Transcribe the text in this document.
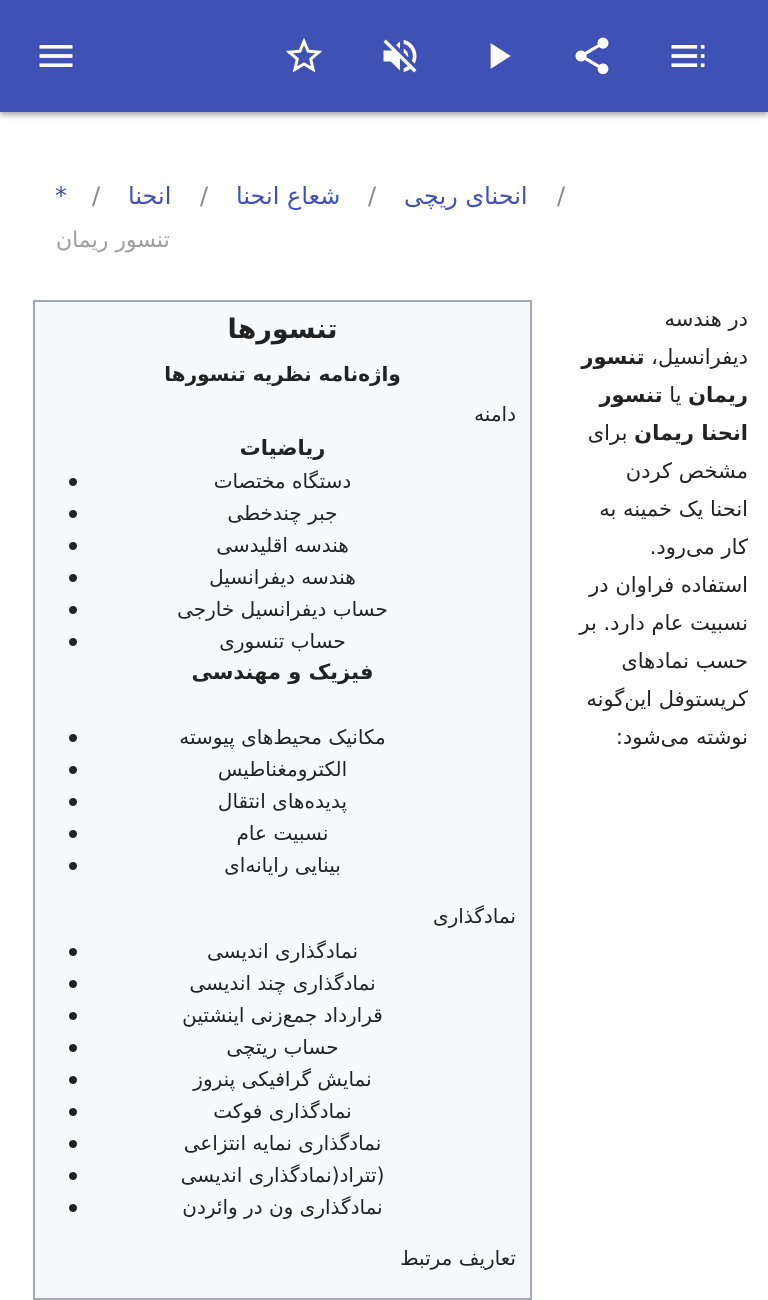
* / انحنا / شعاع انحنا / انحنای ریچی /
تنسور ریمان
تنسورها
واژه‌نامه نظریه تنسورها
دامنه
ریاضیات
دستگاه مختصات
جبر چندخطی
هندسه اقلیدسی
هندسه دیفرانسیل
حساب دیفرانسیل خارجی
حساب تنسوری
فیزیک و مهندسی
مکانیک محیط‌های پیوسته
الکترومغناطیس
پدیده‌های انتقال
نسبیت عام
بینایی رایانه‌ای
نمادگذاری
نمادگذاری اندیسی
نمادگذاری چند اندیسی
قرارداد جمع‌زنی اینشتین
حساب ریتچی
نمایش گرافیکی پنروز
نمادگذاری فوکت
نمادگذاری نمایه انتزاعی
(تتراد(نمادگذاری اندیسی
نمادگذاری ون در وائردن
تعاریف مرتبط
در هندسه
دیفرانسیل، تنسور
ریمان یا تنسور
انحنا ریمان برای
مشخص کردن
انحنا یک خمینه به
کار می‌رود.
استفاده فراوان در
نسبیت عام دارد. بر
حسب نمادهای
کریستوفل این‌گونه
نوشته می‌شود:
